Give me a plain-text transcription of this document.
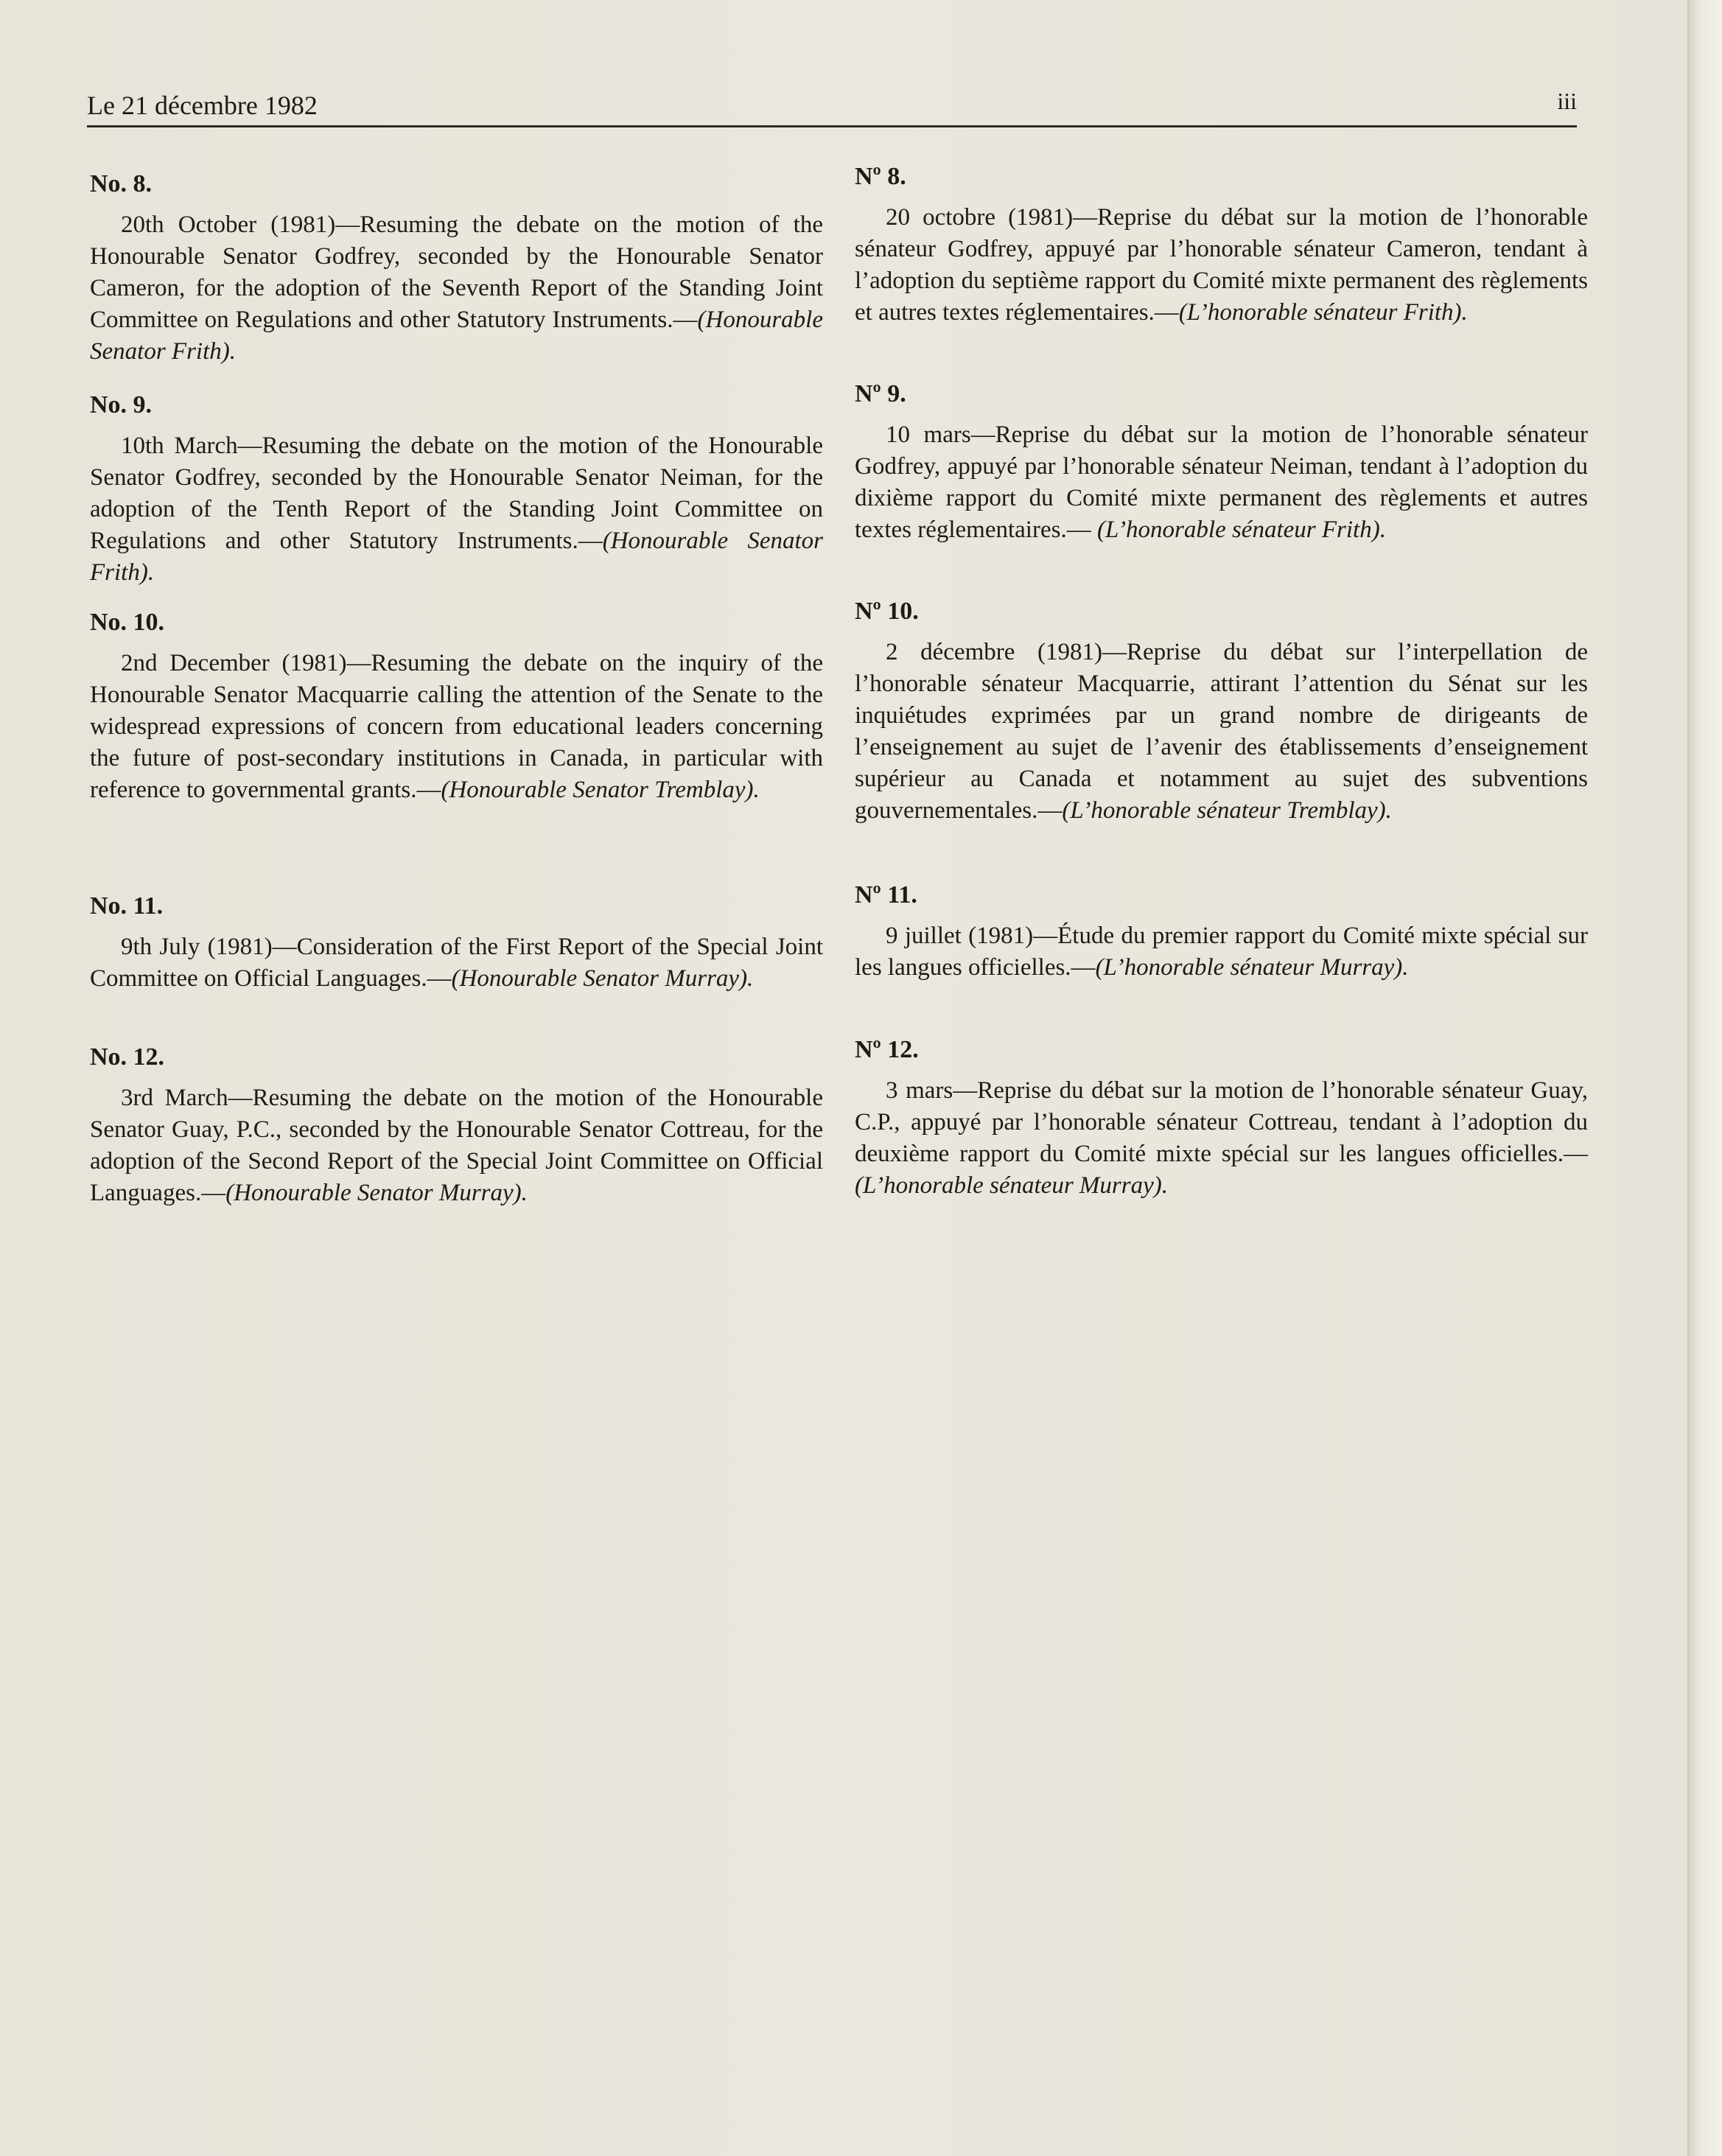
Le 21 décembre 1982	iii
No. 8.

20th October (1981)—Resuming the debate on the motion of the Honourable Senator Godfrey, seconded by the Honourable Senator Cameron, for the adoption of the Seventh Report of the Standing Joint Committee on Regulations and other Statutory Instruments.—(Honourable Senator Frith).

No. 9.

10th March—Resuming the debate on the motion of the Honourable Senator Godfrey, seconded by the Honourable Senator Neiman, for the adoption of the Tenth Report of the Standing Joint Committee on Regulations and other Statutory Instruments.—(Honourable Senator Frith).

No. 10.

2nd December (1981)—Resuming the debate on the inquiry of the Honourable Senator Macquarrie calling the attention of the Senate to the widespread expressions of concern from educational leaders concerning the future of post-secondary institutions in Canada, in particular with reference to governmental grants.—(Honourable Senator Tremblay).

No. 11.

9th July (1981)—Consideration of the First Report of the Special Joint Committee on Official Languages.—(Honourable Senator Murray).

No. 12.

3rd March—Resuming the debate on the motion of the Honourable Senator Guay, P.C., seconded by the Honourable Senator Cottreau, for the adoption of the Second Report of the Special Joint Committee on Official Languages.—(Honourable Senator Murray).

Nº 8.

20 octobre (1981)—Reprise du débat sur la motion de l’honorable sénateur Godfrey, appuyé par l’honorable sénateur Cameron, tendant à l’adoption du septième rapport du Comité mixte permanent des règlements et autres textes réglementaires.—(L’honorable sénateur Frith).

Nº 9.

10 mars—Reprise du débat sur la motion de l’honorable sénateur Godfrey, appuyé par l’honorable sénateur Neiman, tendant à l’adoption du dixième rapport du Comité mixte permanent des règlements et autres textes réglementaires.— (L’honorable sénateur Frith).

Nº 10.

2 décembre (1981)—Reprise du débat sur l’interpellation de l’honorable sénateur Macquarrie, attirant l’attention du Sénat sur les inquiétudes exprimées par un grand nombre de dirigeants de l’enseignement au sujet de l’avenir des établissements d’enseignement supérieur au Canada et notamment au sujet des subventions gouvernementales.—(L’honorable sénateur Tremblay).

Nº 11.

9 juillet (1981)—Étude du premier rapport du Comité mixte spécial sur les langues officielles.—(L’honorable sénateur Murray).

Nº 12.

3 mars—Reprise du débat sur la motion de l’honorable sénateur Guay, C.P., appuyé par l’honorable sénateur Cottreau, tendant à l’adoption du deuxième rapport du Comité mixte spécial sur les langues officielles.—(L’honorable sénateur Murray).
